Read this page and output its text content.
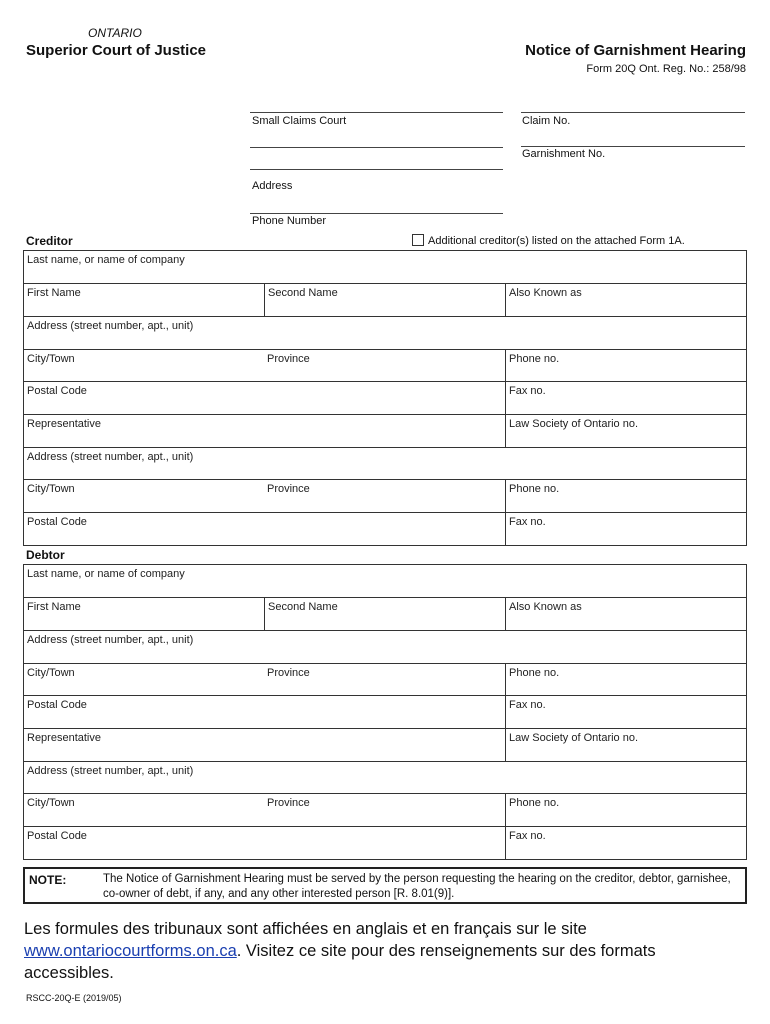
ONTARIO
Superior Court of Justice	Notice of Garnishment Hearing
Form 20Q Ont. Reg. No.: 258/98
Small Claims Court	Claim No.
Garnishment No.
Address
Phone Number
Creditor	Additional creditor(s) listed on the attached Form 1A.
Last name, or name of company
First Name	Second Name	Also Known as
Address (street number, apt., unit)
City/Town	Province	Phone no.
Postal Code	Fax no.
Representative	Law Society of Ontario no.
Address (street number, apt., unit)
City/Town	Province	Phone no.
Postal Code	Fax no.
Debtor
Last name, or name of company
First Name	Second Name	Also Known as
Address (street number, apt., unit)
City/Town	Province	Phone no.
Postal Code	Fax no.
Representative	Law Society of Ontario no.
Address (street number, apt., unit)
City/Town	Province	Phone no.
Postal Code	Fax no.
NOTE:	The Notice of Garnishment Hearing must be served by the person requesting the hearing on the creditor, debtor, garnishee, co-owner of debt, if any, and any other interested person [R. 8.01(9)].
Les formules des tribunaux sont affichées en anglais et en français sur le site
www.ontariocourtforms.on.ca. Visitez ce site pour des renseignements sur des formats accessibles.
RSCC-20Q-E (2019/05)
